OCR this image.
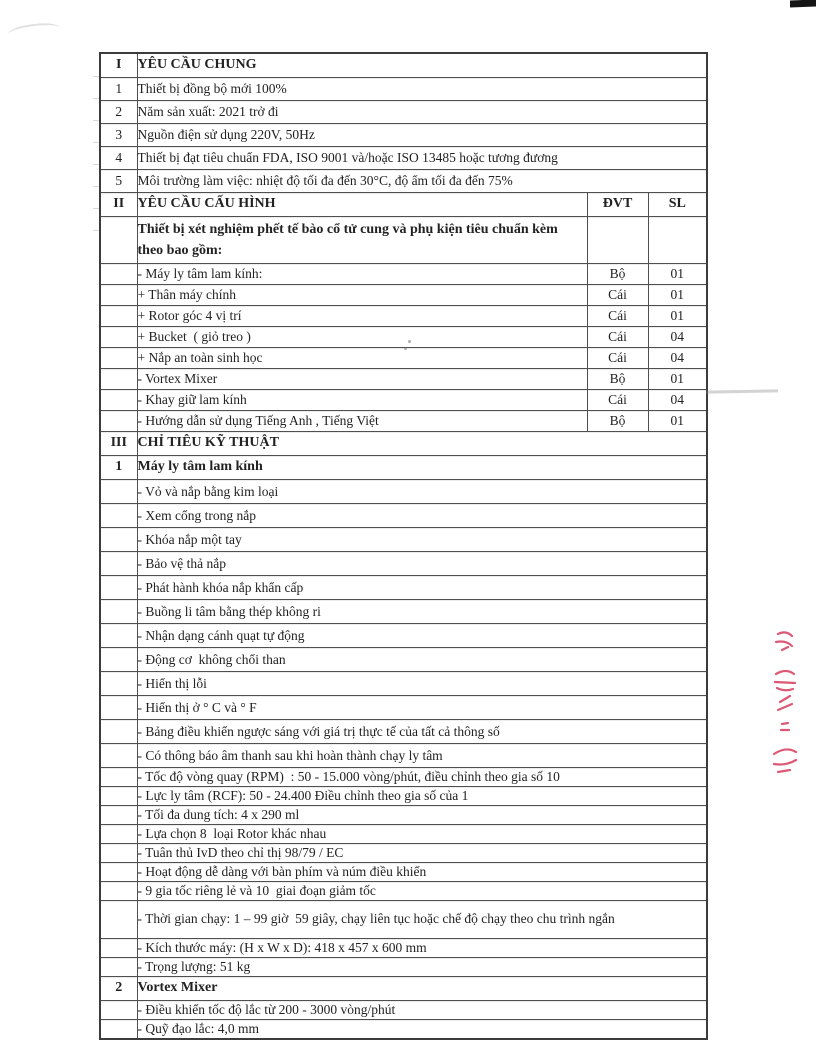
I	YÊU CẦU CHUNG		
1	Thiết bị đồng bộ mới 100%		
2	Năm sản xuất: 2021 trở đi		
3	Nguồn điện sử dụng 220V, 50Hz		
4	Thiết bị đạt tiêu chuẩn FDA, ISO 9001 và/hoặc ISO 13485 hoặc tương đương		
5	Môi trường làm việc: nhiệt độ tối đa đến 30°C, độ ẩm tối đa đến 75%		
II	YÊU CẦU CẤU HÌNH	ĐVT	SL
	Thiết bị xét nghiệm phết tế bào cổ tử cung và phụ kiện tiêu chuẩn kèm theo bao gồm:		
	- Máy ly tâm lam kính:	Bộ	01
	+ Thân máy chính	Cái	01
	+ Rotor góc 4 vị trí	Cái	01
	+ Bucket  ( giỏ treo )	Cái	04
	+ Nắp an toàn sinh học	Cái	04
	- Vortex Mixer	Bộ	01
	- Khay giữ lam kính	Cái	04
	- Hướng dẫn sử dụng Tiếng Anh , Tiếng Việt	Bộ	01
III	CHỈ TIÊU KỸ THUẬT		
1	Máy ly tâm lam kính		
	- Vỏ và nắp bằng kim loại		
	- Xem cổng trong nắp		
	- Khóa nắp một tay		
	- Bảo vệ thả nắp		
	- Phát hành khóa nắp khẩn cấp		
	- Buồng li tâm bằng thép không ri		
	- Nhận dạng cánh quạt tự động		
	- Động cơ  không chổi than		
	- Hiển thị lỗi		
	- Hiển thị ở ° C và ° F		
	- Bảng điều khiển ngược sáng với giá trị thực tế của tất cả thông số		
	- Có thông báo âm thanh sau khi hoàn thành chạy ly tâm		
	- Tốc độ vòng quay (RPM)  : 50 - 15.000 vòng/phút, điều chỉnh theo gia số 10		
	- Lực ly tâm (RCF): 50 - 24.400 Điều chỉnh theo gia số của 1		
	- Tối đa dung tích: 4 x 290 ml		
	- Lựa chọn 8  loại Rotor khác nhau		
	- Tuân thủ IvD theo chỉ thị 98/79 / EC		
	- Hoạt động dễ dàng với bàn phím và núm điều khiển		
	- 9 gia tốc riêng lẻ và 10  giai đoạn giảm tốc		
	- Thời gian chạy: 1 – 99 giờ  59 giây, chạy liên tục hoặc chế độ chạy theo chu trình ngắn		
	- Kích thước máy: (H x W x D): 418 x 457 x 600 mm		
	- Trọng lượng: 51 kg		
2	Vortex Mixer		
	- Điều khiển tốc độ lắc từ 200 - 3000 vòng/phút		
	- Quỹ đạo lắc: 4,0 mm		
